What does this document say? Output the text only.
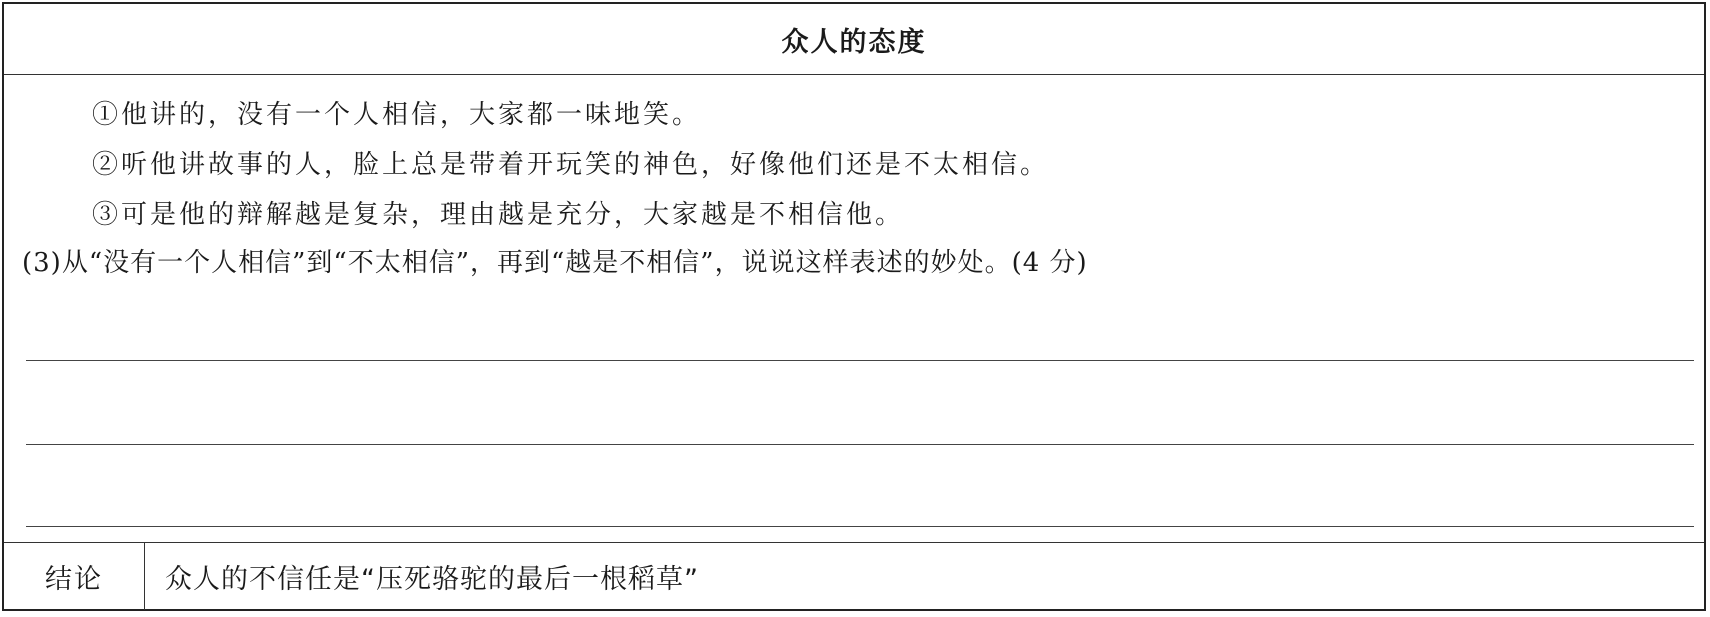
众人的态度
①他讲的，没有一个人相信，大家都一味地笑。
②听他讲故事的人，脸上总是带着开玩笑的神色，好像他们还是不太相信。
③可是他的辩解越是复杂，理由越是充分，大家越是不相信他。
(3)从“没有一个人相信”到“不太相信”，再到“越是不相信”，说说这样表述的妙处。(4 分)
结论	众人的不信任是“压死骆驼的最后一根稻草”
